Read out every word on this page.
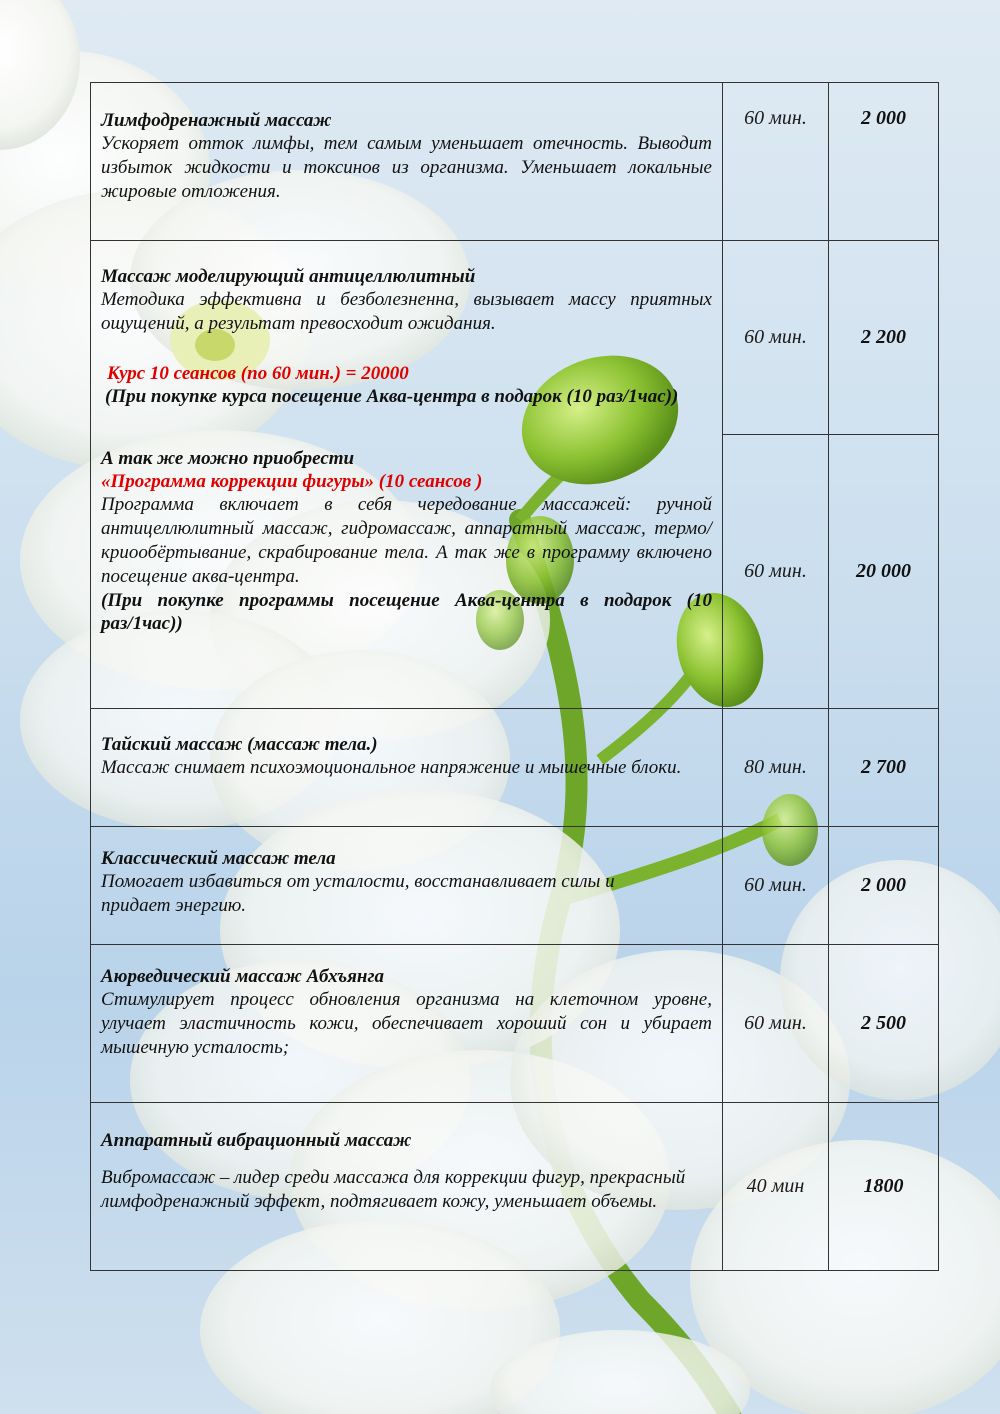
Лимфодренажный массаж

Ускоряет отток лимфы, тем самым уменьшает отечность. Выводит избыток жидкости и токсинов из организма. Уменьшает локальные жировые отложения.	60 мин.	2 000

Массаж моделирующий антицеллюлитный

Методика эффективна и безболезненна, вызывает массу приятных ощущений, а результат превосходит ожидания.

Курс 10 сеансов (по 60 мин.) = 20000

(При покупке курса посещение Аква-центра в подарок (10 раз/1час))	60 мин.	2 200

А так же можно приобрести

«Программа коррекции фигуры» (10 сеансов )

Программа включает в себя чередование массажей: ручной антицеллюлитный массаж, гидромассаж, аппаратный массаж, термо/криообёртывание, скрабирование тела. А так же в программу включено посещение аква-центра.

(При покупке программы посещение Аква-центра в подарок (10 раз/1час))	60 мин.	20 000

Тайский массаж (массаж тела.)

Массаж снимает психоэмоциональное напряжение и мышечные блоки.	80 мин.	2 700

Классический массаж тела

Помогает избавиться от усталости, восстанавливает силы и придает энергию.	60 мин.	2 000

Аюрведический массаж Абхъянга

Стимулирует процесс обновления организма на клеточном уровне, улучает эластичность кожи, обеспечивает хороший сон и убирает мышечную усталость;	60 мин.	2 500

Аппаратный вибрационный массаж

Вибромассаж – лидер среди массажа для коррекции фигур, прекрасный лимфодренажный эффект, подтягивает кожу, уменьшает объемы.	40 мин	1800
